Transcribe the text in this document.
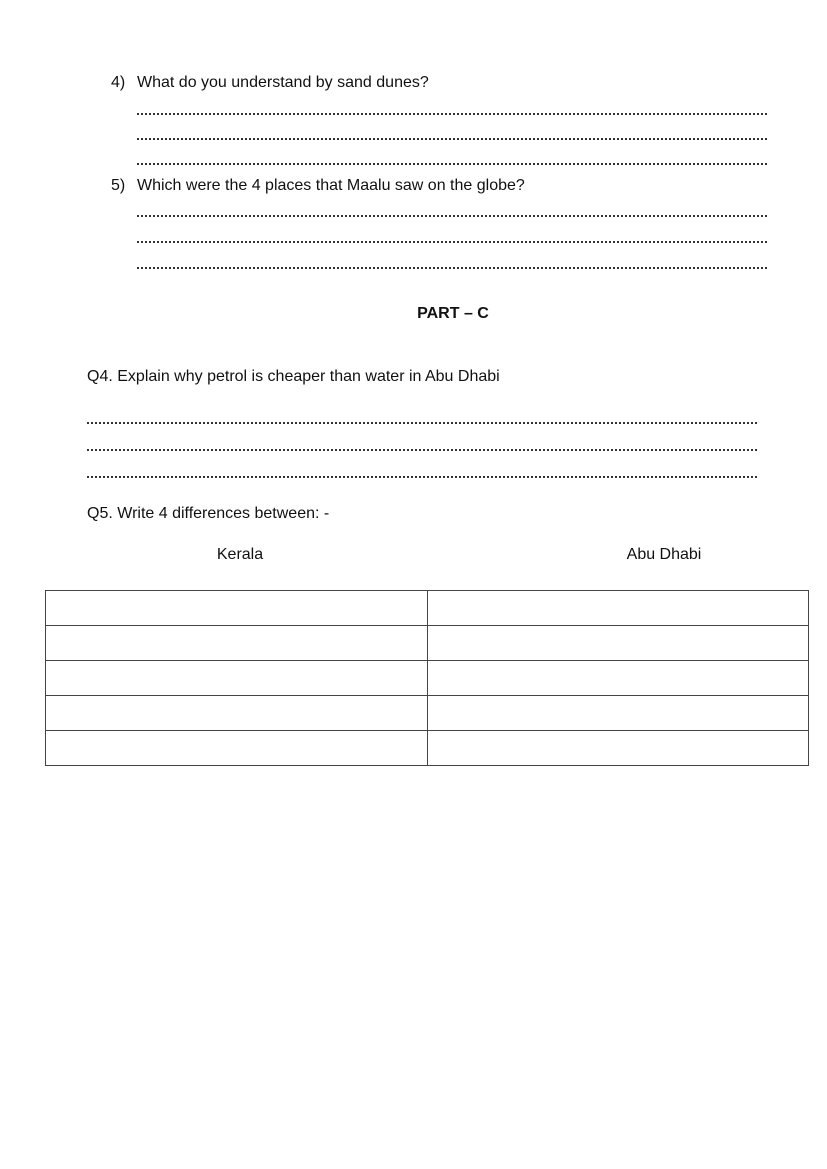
4) What do you understand by sand dunes?
5) Which were the 4 places that Maalu saw on the globe?
PART – C
Q4. Explain why petrol is cheaper than water in Abu Dhabi
Q5. Write 4 differences between: -
Kerala	Abu Dhabi
